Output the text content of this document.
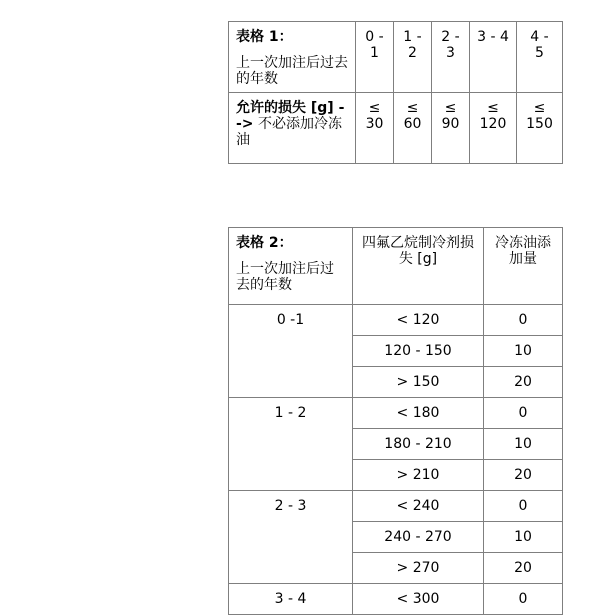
表格 1：
上一次加注后过去的年数	0 - 1	1 - 2	2 - 3	3 - 4	4 - 5
允许的损失 [g] --> 不必添加冷冻油	≤ 30	≤ 60	≤ 90	≤ 120	≤ 150
表格 2：
上一次加注后过去的年数	四氟乙烷制冷剂损失 [g]	冷冻油添加量
0 -1	< 120	0
	120 - 150	10
	> 150	20
1 - 2	< 180	0
	180 - 210	10
	> 210	20
2 - 3	< 240	0
	240 - 270	10
	> 270	20
3 - 4	< 300	0
